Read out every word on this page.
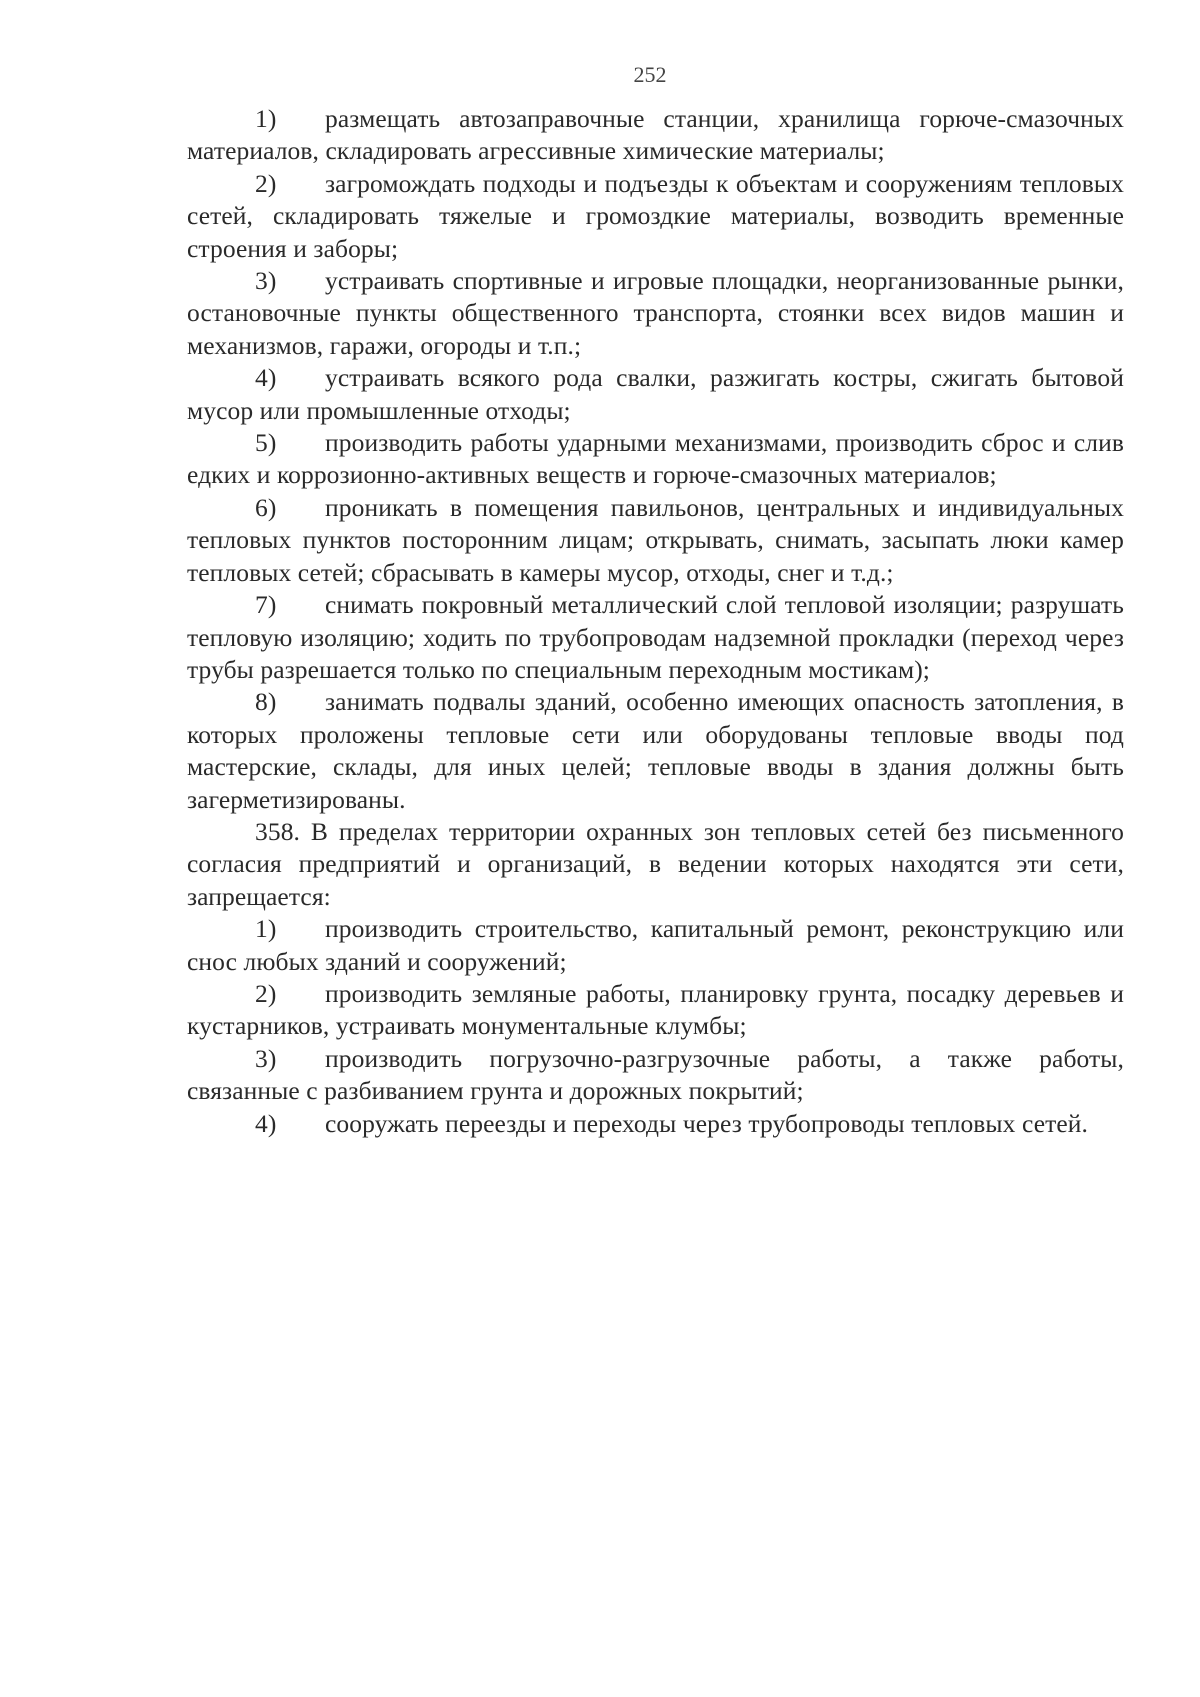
252

1) размещать автозаправочные станции, хранилища горюче-смазочных материалов, складировать агрессивные химические материалы;

2) загромождать подходы и подъезды к объектам и сооружениям тепловых сетей, складировать тяжелые и громоздкие материалы, возводить временные строения и заборы;

3) устраивать спортивные и игровые площадки, неорганизованные рынки, остановочные пункты общественного транспорта, стоянки всех видов машин и механизмов, гаражи, огороды и т.п.;

4) устраивать всякого рода свалки, разжигать костры, сжигать бытовой мусор или промышленные отходы;

5) производить работы ударными механизмами, производить сброс и слив едких и коррозионно-активных веществ и горюче-смазочных материалов;

6) проникать в помещения павильонов, центральных и индивидуальных тепловых пунктов посторонним лицам; открывать, снимать, засыпать люки камер тепловых сетей; сбрасывать в камеры мусор, отходы, снег и т.д.;

7) снимать покровный металлический слой тепловой изоляции; разрушать тепловую изоляцию; ходить по трубопроводам надземной прокладки (переход через трубы разрешается только по специальным переходным мостикам);

8) занимать подвалы зданий, особенно имеющих опасность затопления, в которых проложены тепловые сети или оборудованы тепловые вводы под мастерские, склады, для иных целей; тепловые вводы в здания должны быть загерметизированы.

358. В пределах территории охранных зон тепловых сетей без письменного согласия предприятий и организаций, в ведении которых находятся эти сети, запрещается:

1) производить строительство, капитальный ремонт, реконструкцию или снос любых зданий и сооружений;

2) производить земляные работы, планировку грунта, посадку деревьев и кустарников, устраивать монументальные клумбы;

3) производить погрузочно-разгрузочные работы, а также работы, связанные с разбиванием грунта и дорожных покрытий;

4) сооружать переезды и переходы через трубопроводы тепловых сетей.
